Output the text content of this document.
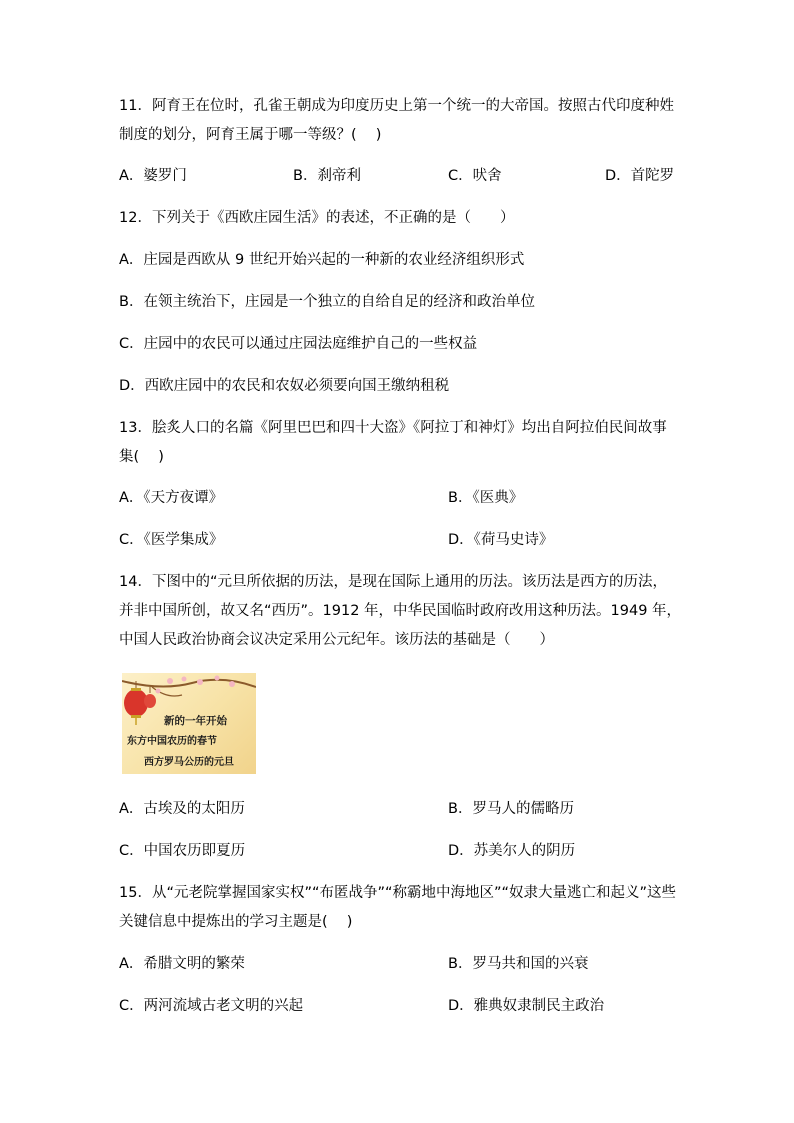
11．阿育王在位时，孔雀王朝成为印度历史上第一个统一的大帝国。按照古代印度种姓
制度的划分，阿育王属于哪一等级？(　 )
A．婆罗门	B．刹帝利	C．吠舍	D．首陀罗
12．下列关于《西欧庄园生活》的表述，不正确的是（　　）
A．庄园是西欧从 9 世纪开始兴起的一种新的农业经济组织形式
B．在领主统治下，庄园是一个独立的自给自足的经济和政治单位
C．庄园中的农民可以通过庄园法庭维护自己的一些权益
D．西欧庄园中的农民和农奴必须要向国王缴纳租税
13．脍炙人口的名篇《阿里巴巴和四十大盗》《阿拉丁和神灯》均出自阿拉伯民间故事
集(　 )
A．《天方夜谭》	B．《医典》
C．《医学集成》	D．《荷马史诗》
14．下图中的“元旦所依据的历法，是现在国际上通用的历法。该历法是西方的历法，
并非中国所创，故又名“西历”。1912 年，中华民国临时政府改用这种历法。1949 年，
中国人民政治协商会议决定采用公元纪年。该历法的基础是（　　）
新的一年开始
东方中国农历的春节
西方罗马公历的元旦
A．古埃及的太阳历	B．罗马人的儒略历
C．中国农历即夏历	D．苏美尔人的阴历
15．从“元老院掌握国家实权”“布匿战争”“称霸地中海地区”“奴隶大量逃亡和起义”这些
关键信息中提炼出的学习主题是(　 )
A．希腊文明的繁荣	B．罗马共和国的兴衰
C．两河流域古老文明的兴起	D．雅典奴隶制民主政治
